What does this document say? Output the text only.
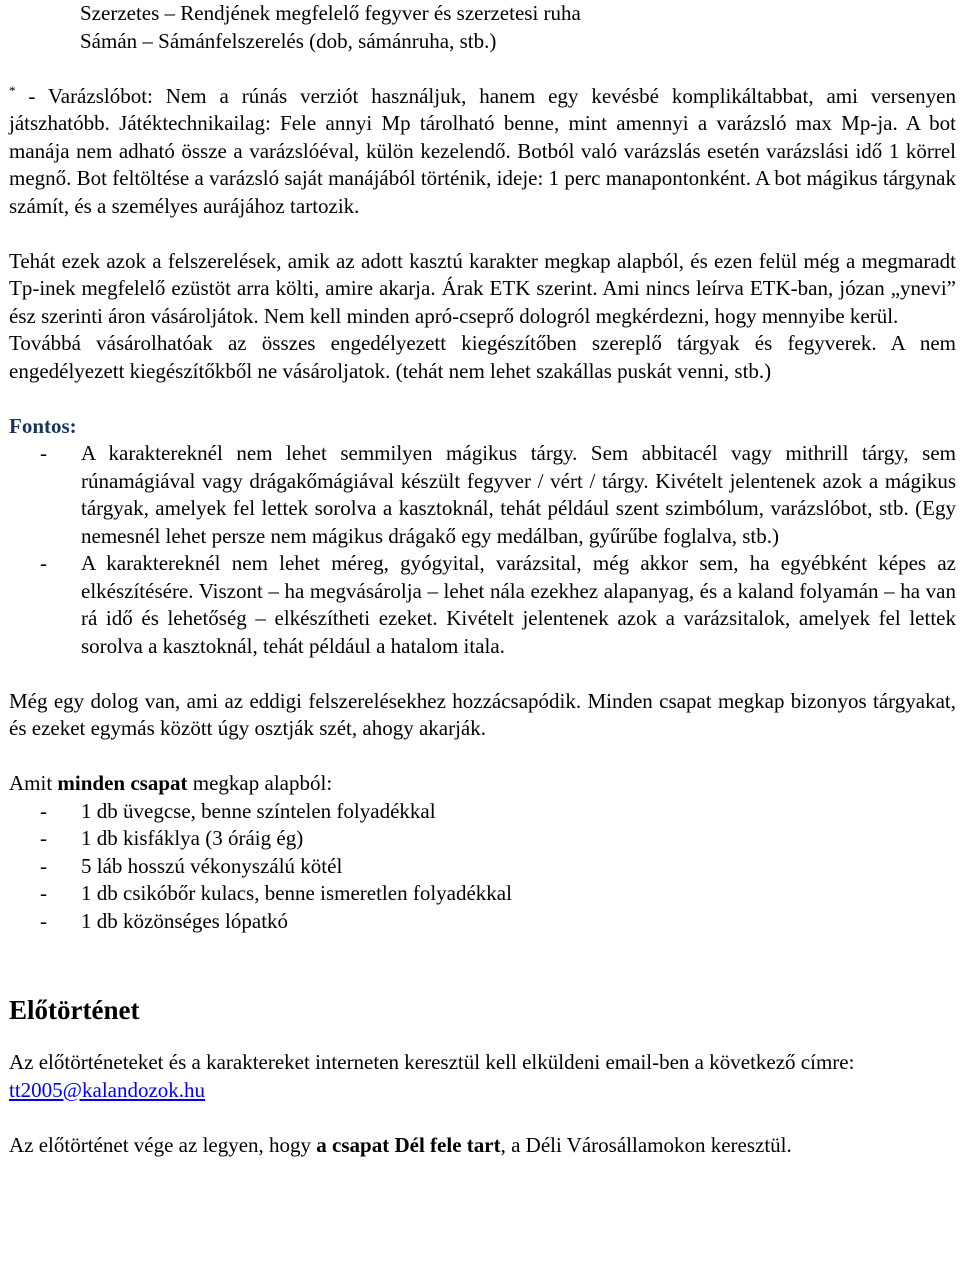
Szerzetes – Rendjének megfelelő fegyver és szerzetesi ruha

Sámán – Sámánfelszerelés (dob, sámánruha, stb.)

* - Varázslóbot: Nem a rúnás verziót használjuk, hanem egy kevésbé komplikáltabbat, ami versenyen játszhatóbb. Játéktechnikailag: Fele annyi Mp tárolható benne, mint amennyi a varázsló max Mp-ja. A bot manája nem adható össze a varázslóéval, külön kezelendő. Botból való varázslás esetén varázslási idő 1 körrel megnő. Bot feltöltése a varázsló saját manájából történik, ideje: 1 perc manapontonként. A bot mágikus tárgynak számít, és a személyes aurájához tartozik.

Tehát ezek azok a felszerelések, amik az adott kasztú karakter megkap alapból, és ezen felül még a megmaradt Tp-inek megfelelő ezüstöt arra költi, amire akarja. Árak ETK szerint. Ami nincs leírva ETK-ban, józan „ynevi” ész szerinti áron vásároljátok. Nem kell minden apró-cseprő dologról megkérdezni, hogy mennyibe kerül.

Továbbá vásárolhatóak az összes engedélyezett kiegészítőben szereplő tárgyak és fegyverek. A nem engedélyezett kiegészítőkből ne vásároljatok. (tehát nem lehet szakállas puskát venni, stb.)

Fontos:

- A karaktereknél nem lehet semmilyen mágikus tárgy. Sem abbitacél vagy mithrill tárgy, sem rúnamágiával vagy drágakőmágiával készült fegyver / vért / tárgy. Kivételt jelentenek azok a mágikus tárgyak, amelyek fel lettek sorolva a kasztoknál, tehát például szent szimbólum, varázslóbot, stb. (Egy nemesnél lehet persze nem mágikus drágakő egy medálban, gyűrűbe foglalva, stb.)
- A karaktereknél nem lehet méreg, gyógyital, varázsital, még akkor sem, ha egyébként képes az elkészítésére. Viszont – ha megvásárolja – lehet nála ezekhez alapanyag, és a kaland folyamán – ha van rá idő és lehetőség – elkészítheti ezeket. Kivételt jelentenek azok a varázsitalok, amelyek fel lettek sorolva a kasztoknál, tehát például a hatalom itala.

Még egy dolog van, ami az eddigi felszerelésekhez hozzácsapódik. Minden csapat megkap bizonyos tárgyakat, és ezeket egymás között úgy osztják szét, ahogy akarják.

Amit minden csapat megkap alapból:

- 1 db üvegcse, benne színtelen folyadékkal
- 1 db kisfáklya (3 óráig ég)
- 5 láb hosszú vékonyszálú kötél
- 1 db csikóbőr kulacs, benne ismeretlen folyadékkal
- 1 db közönséges lópatkó
Előtörténet

Az előtörténeteket és a karaktereket interneten keresztül kell elküldeni email-ben a következő címre:

tt2005@kalandozok.hu

Az előtörténet vége az legyen, hogy a csapat Dél fele tart, a Déli Városállamokon keresztül.
